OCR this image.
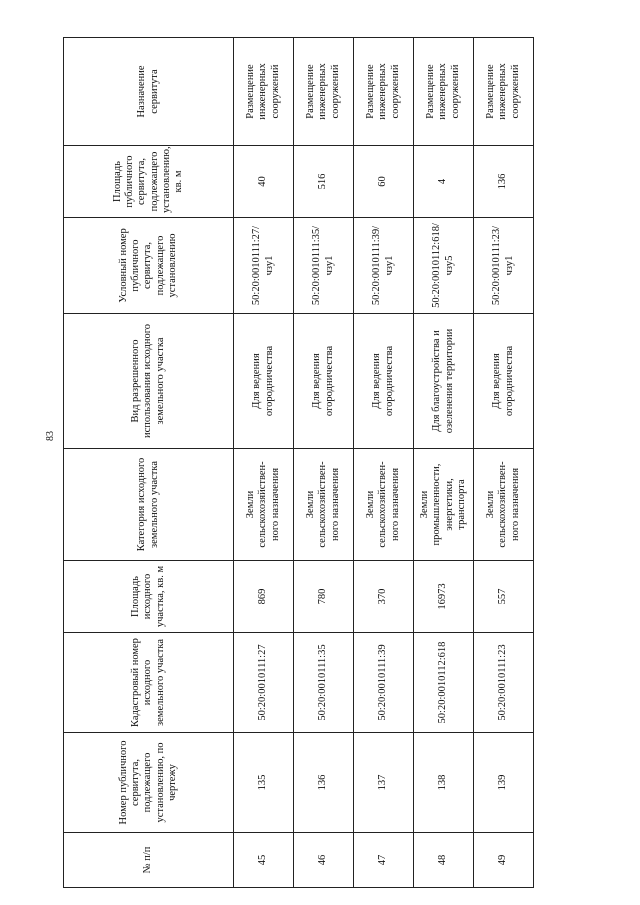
83
№ п/п	Номер публичного сервитута, подлежащего установлению, по чертежу	Кадастровый номер исходного земельного участка	Площадь исходного участка, кв. м	Категория исходного земельного участка	Вид разрешенного использования исходного земельного участка	Условный номер публичного сервитута, подлежащего установлению	Площадь публичного сервитута, подлежащего установлению, кв. м	Назначение сервитута
45	135	50:20:0010111:27	869	Земли сельскохозяйствен-ного назначения	Для ведения огородничества	50:20:0010111:27/чзу1	40	Размещение инженерных сооружений
46	136	50:20:0010111:35	780	Земли сельскохозяйствен-ного назначения	Для ведения огородничества	50:20:0010111:35/чзу1	516	Размещение инженерных сооружений
47	137	50:20:0010111:39	370	Земли сельскохозяйствен-ного назначения	Для ведения огородничества	50:20:0010111:39/чзу1	60	Размещение инженерных сооружений
48	138	50:20:0010112:618	16973	Земли промышленности, энергетики, транспорта	Для благоустройства и озеленения территории	50:20:0010112:618/чзу5	4	Размещение инженерных сооружений
49	139	50:20:0010111:23	557	Земли сельскохозяйствен-ного назначения	Для ведения огородничества	50:20:0010111:23/чзу1	136	Размещение инженерных сооружений
